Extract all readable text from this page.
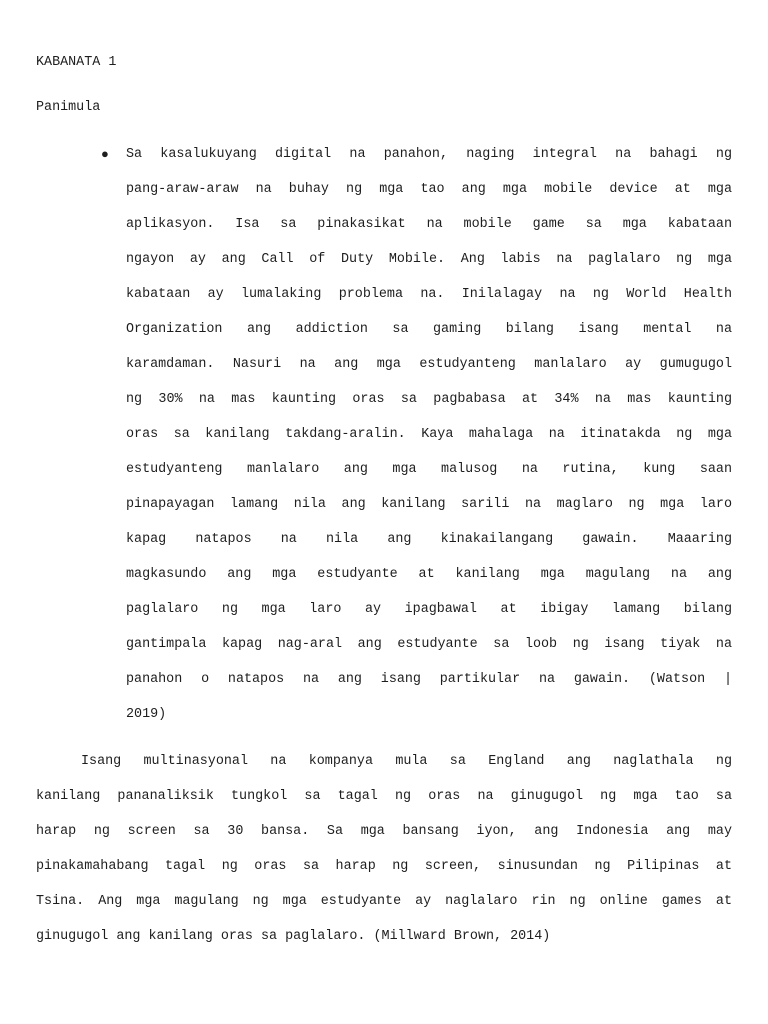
KABANATA 1
Panimula
● Sa kasalukuyang digital na panahon, naging integral na bahagi ng
pang-araw-araw na buhay ng mga tao ang mga mobile device at mga
aplikasyon. Isa sa pinakasikat na mobile game sa mga kabataan
ngayon ay ang Call of Duty Mobile. Ang labis na paglalaro ng mga
kabataan ay lumalaking problema na. Inilalagay na ng World Health
Organization ang addiction sa gaming bilang isang mental na
karamdaman. Nasuri na ang mga estudyanteng manlalaro ay gumugugol
ng 30% na mas kaunting oras sa pagbabasa at 34% na mas kaunting
oras sa kanilang takdang-aralin. Kaya mahalaga na itinatakda ng mga
estudyanteng manlalaro ang mga malusog na rutina, kung saan
pinapayagan lamang nila ang kanilang sarili na maglaro ng mga laro
kapag natapos na nila ang kinakailangang gawain. Maaaring
magkasundo ang mga estudyante at kanilang mga magulang na ang
paglalaro ng mga laro ay ipagbawal at ibigay lamang bilang
gantimpala kapag nag-aral ang estudyante sa loob ng isang tiyak na
panahon o natapos na ang isang partikular na gawain. (Watson |
2019)
Isang multinasyonal na kompanya mula sa England ang naglathala ng
kanilang pananaliksik tungkol sa tagal ng oras na ginugugol ng mga tao sa
harap ng screen sa 30 bansa. Sa mga bansang iyon, ang Indonesia ang may
pinakamahabang tagal ng oras sa harap ng screen, sinusundan ng Pilipinas at
Tsina. Ang mga magulang ng mga estudyante ay naglalaro rin ng online games at
ginugugol ang kanilang oras sa paglalaro. (Millward Brown, 2014)
